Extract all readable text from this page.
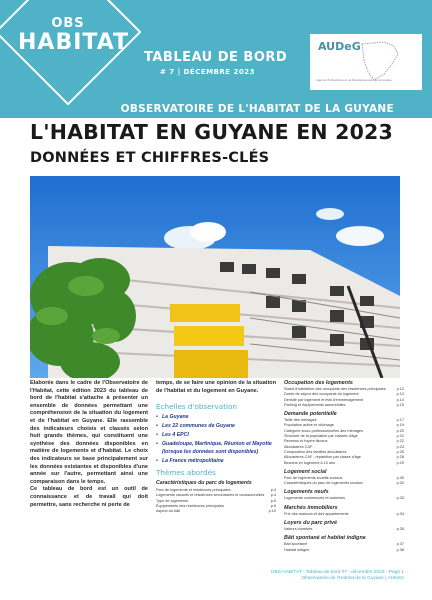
OBS
HABITAT
TABLEAU DE BORD
# 7 | DÉCEMBRE 2023
AUDeG
Agence d'Urbanisme et de Développement de la Guyane
OBSERVATOIRE DE L'HABITAT DE LA GUYANE
L'HABITAT EN GUYANE EN 2023
DONNÉES ET CHIFFRES-CLÉS

Elaborée dans le cadre de l'Observatoire de l'Habitat, cette édition 2023 du tableau de bord de l'habitat s'attache à présenter un ensemble de données permettant une compréhension de la situation du logement et de l'habitat en Guyane. Elle rassemble des indicateurs choisis et classés selon huit grands thèmes, qui constituent une synthèse des données disponibles en matière de logements et d'habitat. Le choix des indicateurs se base principalement sur les données existantes et disponibles d'une année sur l'autre, permettant ainsi une comparaison dans le temps.

Ce tableau de bord est un outil de connaissance et de travail qui doit permettre, sans recherche ni perte de

temps, de se faire une opinion de la situation de l'habitat et du logement en Guyane.

Échelles d'observation
• La Guyane
• Les 22 communes de Guyane
• Les 4 EPCI
• Guadeloupe, Martinique, Réunion et Mayotte (lorsque les données sont disponibles)
• La France métropolitaine
Thèmes abordés
Caractéristiques du parc de logements
Parc de logements et résidences principales	p.4
Logements vacants et résidences secondaires et occasionnelles p.4
Type de logements	p.5
Équipements des résidences principales	p.6
Aspect du bâti	p.10
Occupation des logements
Statut d'habitation des occupants des résidences principales	p.12
Durée de séjour des occupants du logement	p.13
Densité par logement et état d'emménagement	p.14
Parking et équipements automobiles	p.15
Demande potentielle
Taille des ménages	p.17
Population active et chômage	p.19
Catégorie socio-professionnelles des ménages	p.20
Structure de la population par classes d'âge	p.21
Revenus et foyers fiscaux	p.22
Allocataires CAF	p.24
Composition des familles allocataires	p.25
Allocataires CAF : répartition par classe d'âge	p.26
Besoins en logement à 10 ans	p.29
Logement social
Parc de logements locatifs sociaux	p.30
Caractéristiques du parc de logements sociaux	p.32
Logements neufs
Logements commencés et autorisés	p.33
Marchés immobiliers
Prix des maisons et des appartements	p.34
Loyers du parc privé
Valeurs locatives	p.35
Bâti spontané et habitat indigne
Bâti spontané	p.37
Habitat indigne	p.38
OBS HABITAT - Tableau de bord #7 - décembre 2023 - Page 1
Observatoire de l'Habitat de la Guyane | AUDeG
